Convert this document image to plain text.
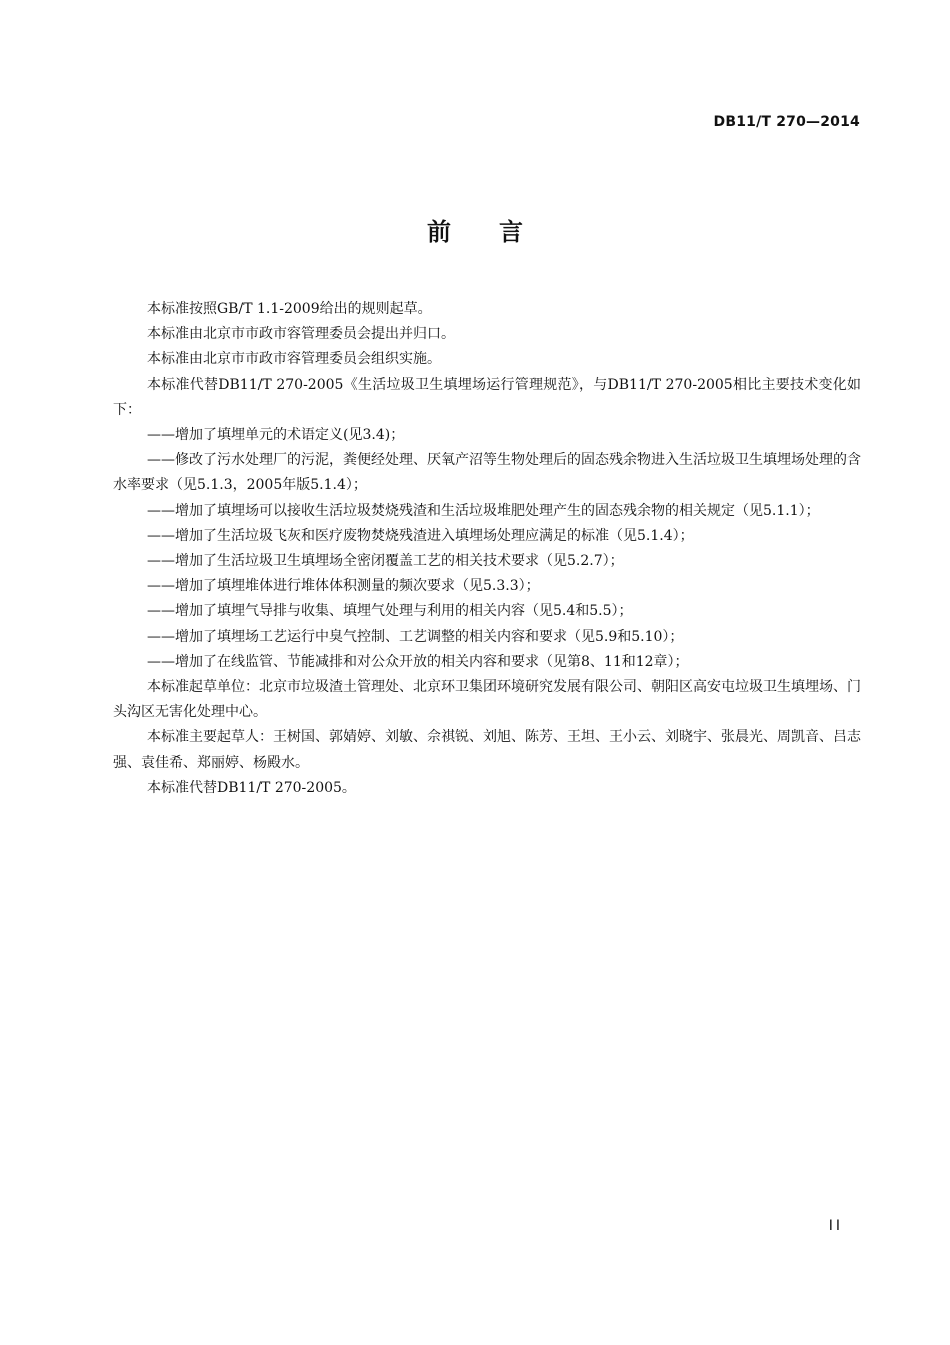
DB11/T 270—2014
前言

本标准按照GB/T 1.1-2009给出的规则起草。

本标准由北京市市政市容管理委员会提出并归口。

本标准由北京市市政市容管理委员会组织实施。

本标准代替DB11/T 270-2005《生活垃圾卫生填埋场运行管理规范》，与DB11/T 270-2005相比主要技术变化如下：

——增加了填埋单元的术语定义(见3.4)；

——修改了污水处理厂的污泥，粪便经处理、厌氧产沼等生物处理后的固态残余物进入生活垃圾卫生填埋场处理的含水率要求（见5.1.3，2005年版5.1.4）；

——增加了填埋场可以接收生活垃圾焚烧残渣和生活垃圾堆肥处理产生的固态残余物的相关规定（见5.1.1）；

——增加了生活垃圾飞灰和医疗废物焚烧残渣进入填埋场处理应满足的标准（见5.1.4）；

——增加了生活垃圾卫生填埋场全密闭覆盖工艺的相关技术要求（见5.2.7）；

——增加了填埋堆体进行堆体体积测量的频次要求（见5.3.3）；

——增加了填埋气导排与收集、填埋气处理与利用的相关内容（见5.4和5.5）；

——增加了填埋场工艺运行中臭气控制、工艺调整的相关内容和要求（见5.9和5.10）；

——增加了在线监管、节能减排和对公众开放的相关内容和要求（见第8、11和12章）；

本标准起草单位：北京市垃圾渣土管理处、北京环卫集团环境研究发展有限公司、朝阳区高安屯垃圾卫生填埋场、门头沟区无害化处理中心。

本标准主要起草人：王树国、郭婧婷、刘敏、佘祺锐、刘旭、陈芳、王坦、王小云、刘晓宇、张晨光、周凯音、吕志强、袁佳希、郑丽婷、杨殿水。

本标准代替DB11/T 270-2005。

II
